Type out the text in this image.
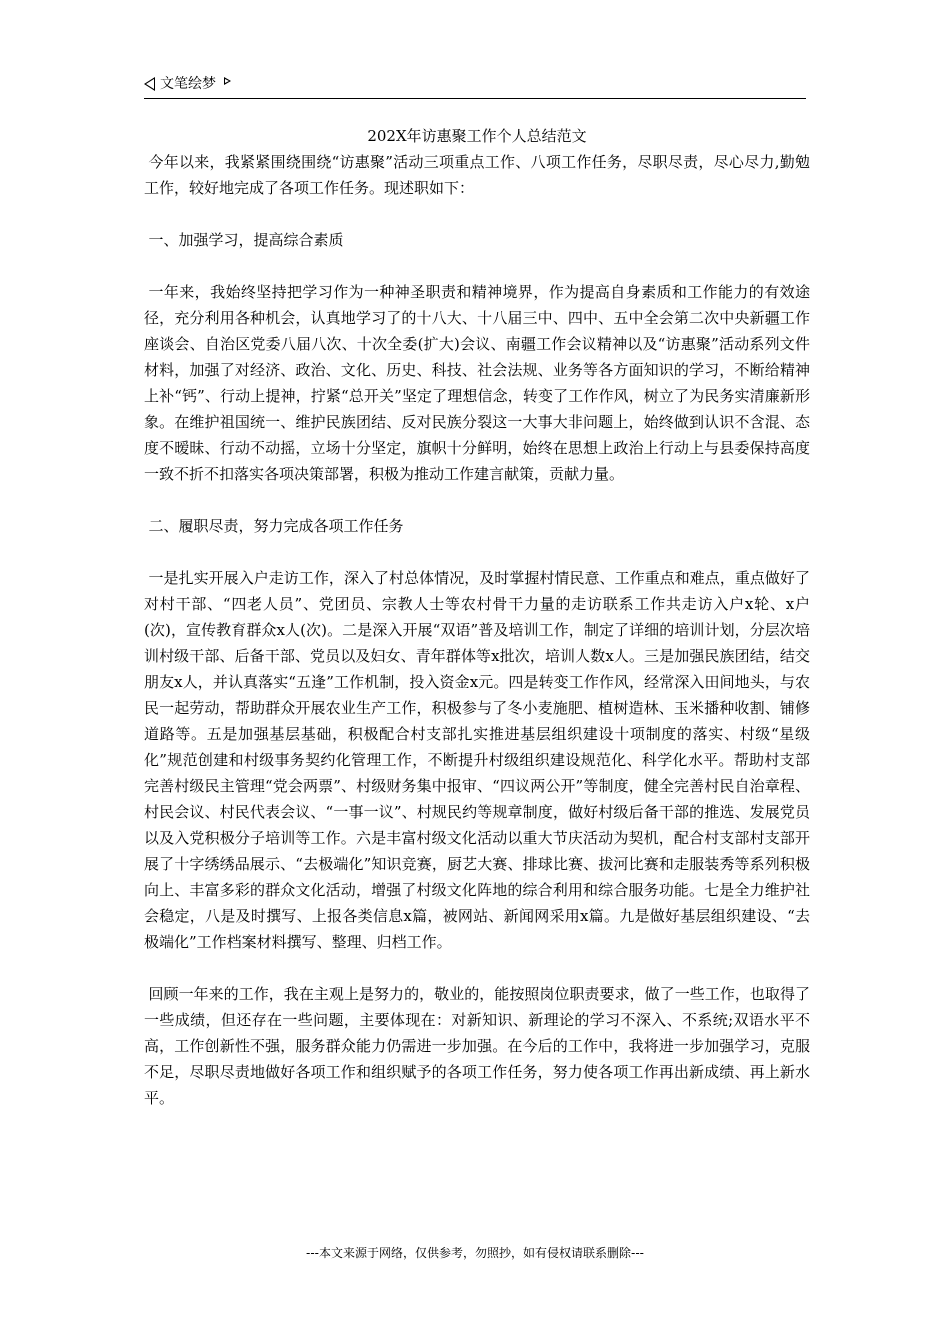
文笔绘梦

202X年访惠聚工作个人总结范文

今年以来，我紧紧围绕围绕“访惠聚”活动三项重点工作、八项工作任务，尽职尽责，尽心尽力,勤勉工作，较好地完成了各项工作任务。现述职如下：

一、加强学习，提高综合素质

一年来，我始终坚持把学习作为一种神圣职责和精神境界，作为提高自身素质和工作能力的有效途径，充分利用各种机会，认真地学习了的十八大、十八届三中、四中、五中全会第二次中央新疆工作座谈会、自治区党委八届八次、十次全委(扩大)会议、南疆工作会议精神以及“访惠聚”活动系列文件材料，加强了对经济、政治、文化、历史、科技、社会法规、业务等各方面知识的学习，不断给精神上补“钙”、行动上提神，拧紧“总开关”坚定了理想信念，转变了工作作风，树立了为民务实清廉新形象。在维护祖国统一、维护民族团结、反对民族分裂这一大事大非问题上，始终做到认识不含混、态度不暧昧、行动不动摇，立场十分坚定，旗帜十分鲜明，始终在思想上政治上行动上与县委保持高度一致不折不扣落实各项决策部署，积极为推动工作建言献策，贡献力量。

二、履职尽责，努力完成各项工作任务

一是扎实开展入户走访工作，深入了村总体情况，及时掌握村情民意、工作重点和难点，重点做好了对村干部、“四老人员”、党团员、宗教人士等农村骨干力量的走访联系工作共走访入户x轮、x户(次)，宣传教育群众x人(次)。二是深入开展“双语”普及培训工作，制定了详细的培训计划，分层次培训村级干部、后备干部、党员以及妇女、青年群体等x批次，培训人数x人。三是加强民族团结，结交朋友x人，并认真落实“五逢”工作机制，投入资金x元。四是转变工作作风，经常深入田间地头，与农民一起劳动，帮助群众开展农业生产工作，积极参与了冬小麦施肥、植树造林、玉米播种收割、铺修道路等。五是加强基层基础，积极配合村支部扎实推进基层组织建设十项制度的落实、村级“星级化”规范创建和村级事务契约化管理工作，不断提升村级组织建设规范化、科学化水平。帮助村支部完善村级民主管理“党会两票”、村级财务集中报审、“四议两公开”等制度，健全完善村民自治章程、村民会议、村民代表会议、“一事一议”、村规民约等规章制度，做好村级后备干部的推选、发展党员以及入党积极分子培训等工作。六是丰富村级文化活动以重大节庆活动为契机，配合村支部村支部开展了十字绣绣品展示、“去极端化”知识竞赛，厨艺大赛、排球比赛、拔河比赛和走服装秀等系列积极向上、丰富多彩的群众文化活动，增强了村级文化阵地的综合利用和综合服务功能。七是全力维护社会稳定，八是及时撰写、上报各类信息x篇，被网站、新闻网采用x篇。九是做好基层组织建设、“去极端化”工作档案材料撰写、整理、归档工作。

回顾一年来的工作，我在主观上是努力的，敬业的，能按照岗位职责要求，做了一些工作，也取得了一些成绩，但还存在一些问题，主要体现在：对新知识、新理论的学习不深入、不系统;双语水平不高，工作创新性不强，服务群众能力仍需进一步加强。在今后的工作中，我将进一步加强学习，克服不足，尽职尽责地做好各项工作和组织赋予的各项工作任务，努力使各项工作再出新成绩、再上新水平。

---本文来源于网络，仅供参考，勿照抄，如有侵权请联系删除---
